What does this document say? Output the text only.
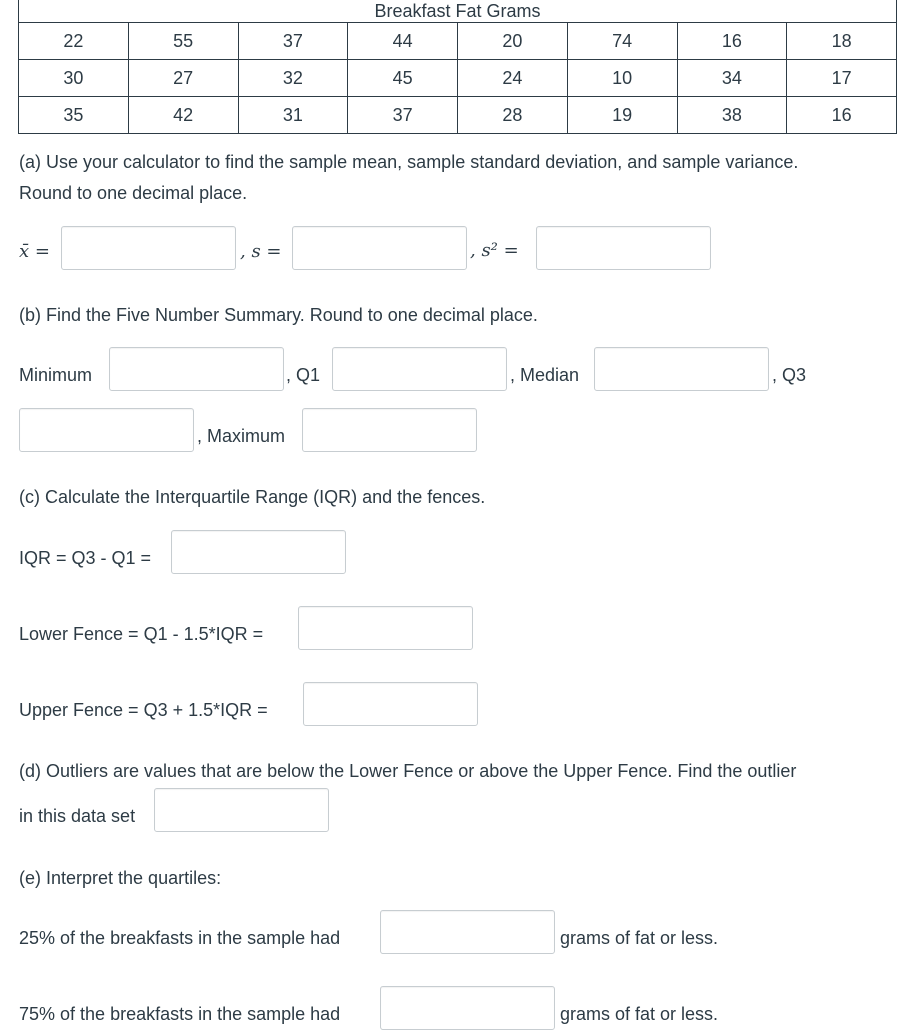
Breakfast Fat Grams							
22	55	37	44	20	74	16	18
30	27	32	45	24	10	34	17
35	42	31	37	28	19	38	16
(a) Use your calculator to find the sample mean, sample standard deviation, and sample variance.
Round to one decimal place.
x̄ =	, s =	, s² =
(b) Find the Five Number Summary. Round to one decimal place.
Minimum	, Q1	, Median	, Q3
, Maximum
(c) Calculate the Interquartile Range (IQR) and the fences.
IQR = Q3 - Q1 =
Lower Fence = Q1 - 1.5*IQR =
Upper Fence = Q3 + 1.5*IQR =
(d) Outliers are values that are below the Lower Fence or above the Upper Fence. Find the outlier
in this data set
(e) Interpret the quartiles:
25% of the breakfasts in the sample had	grams of fat or less.
75% of the breakfasts in the sample had	grams of fat or less.
